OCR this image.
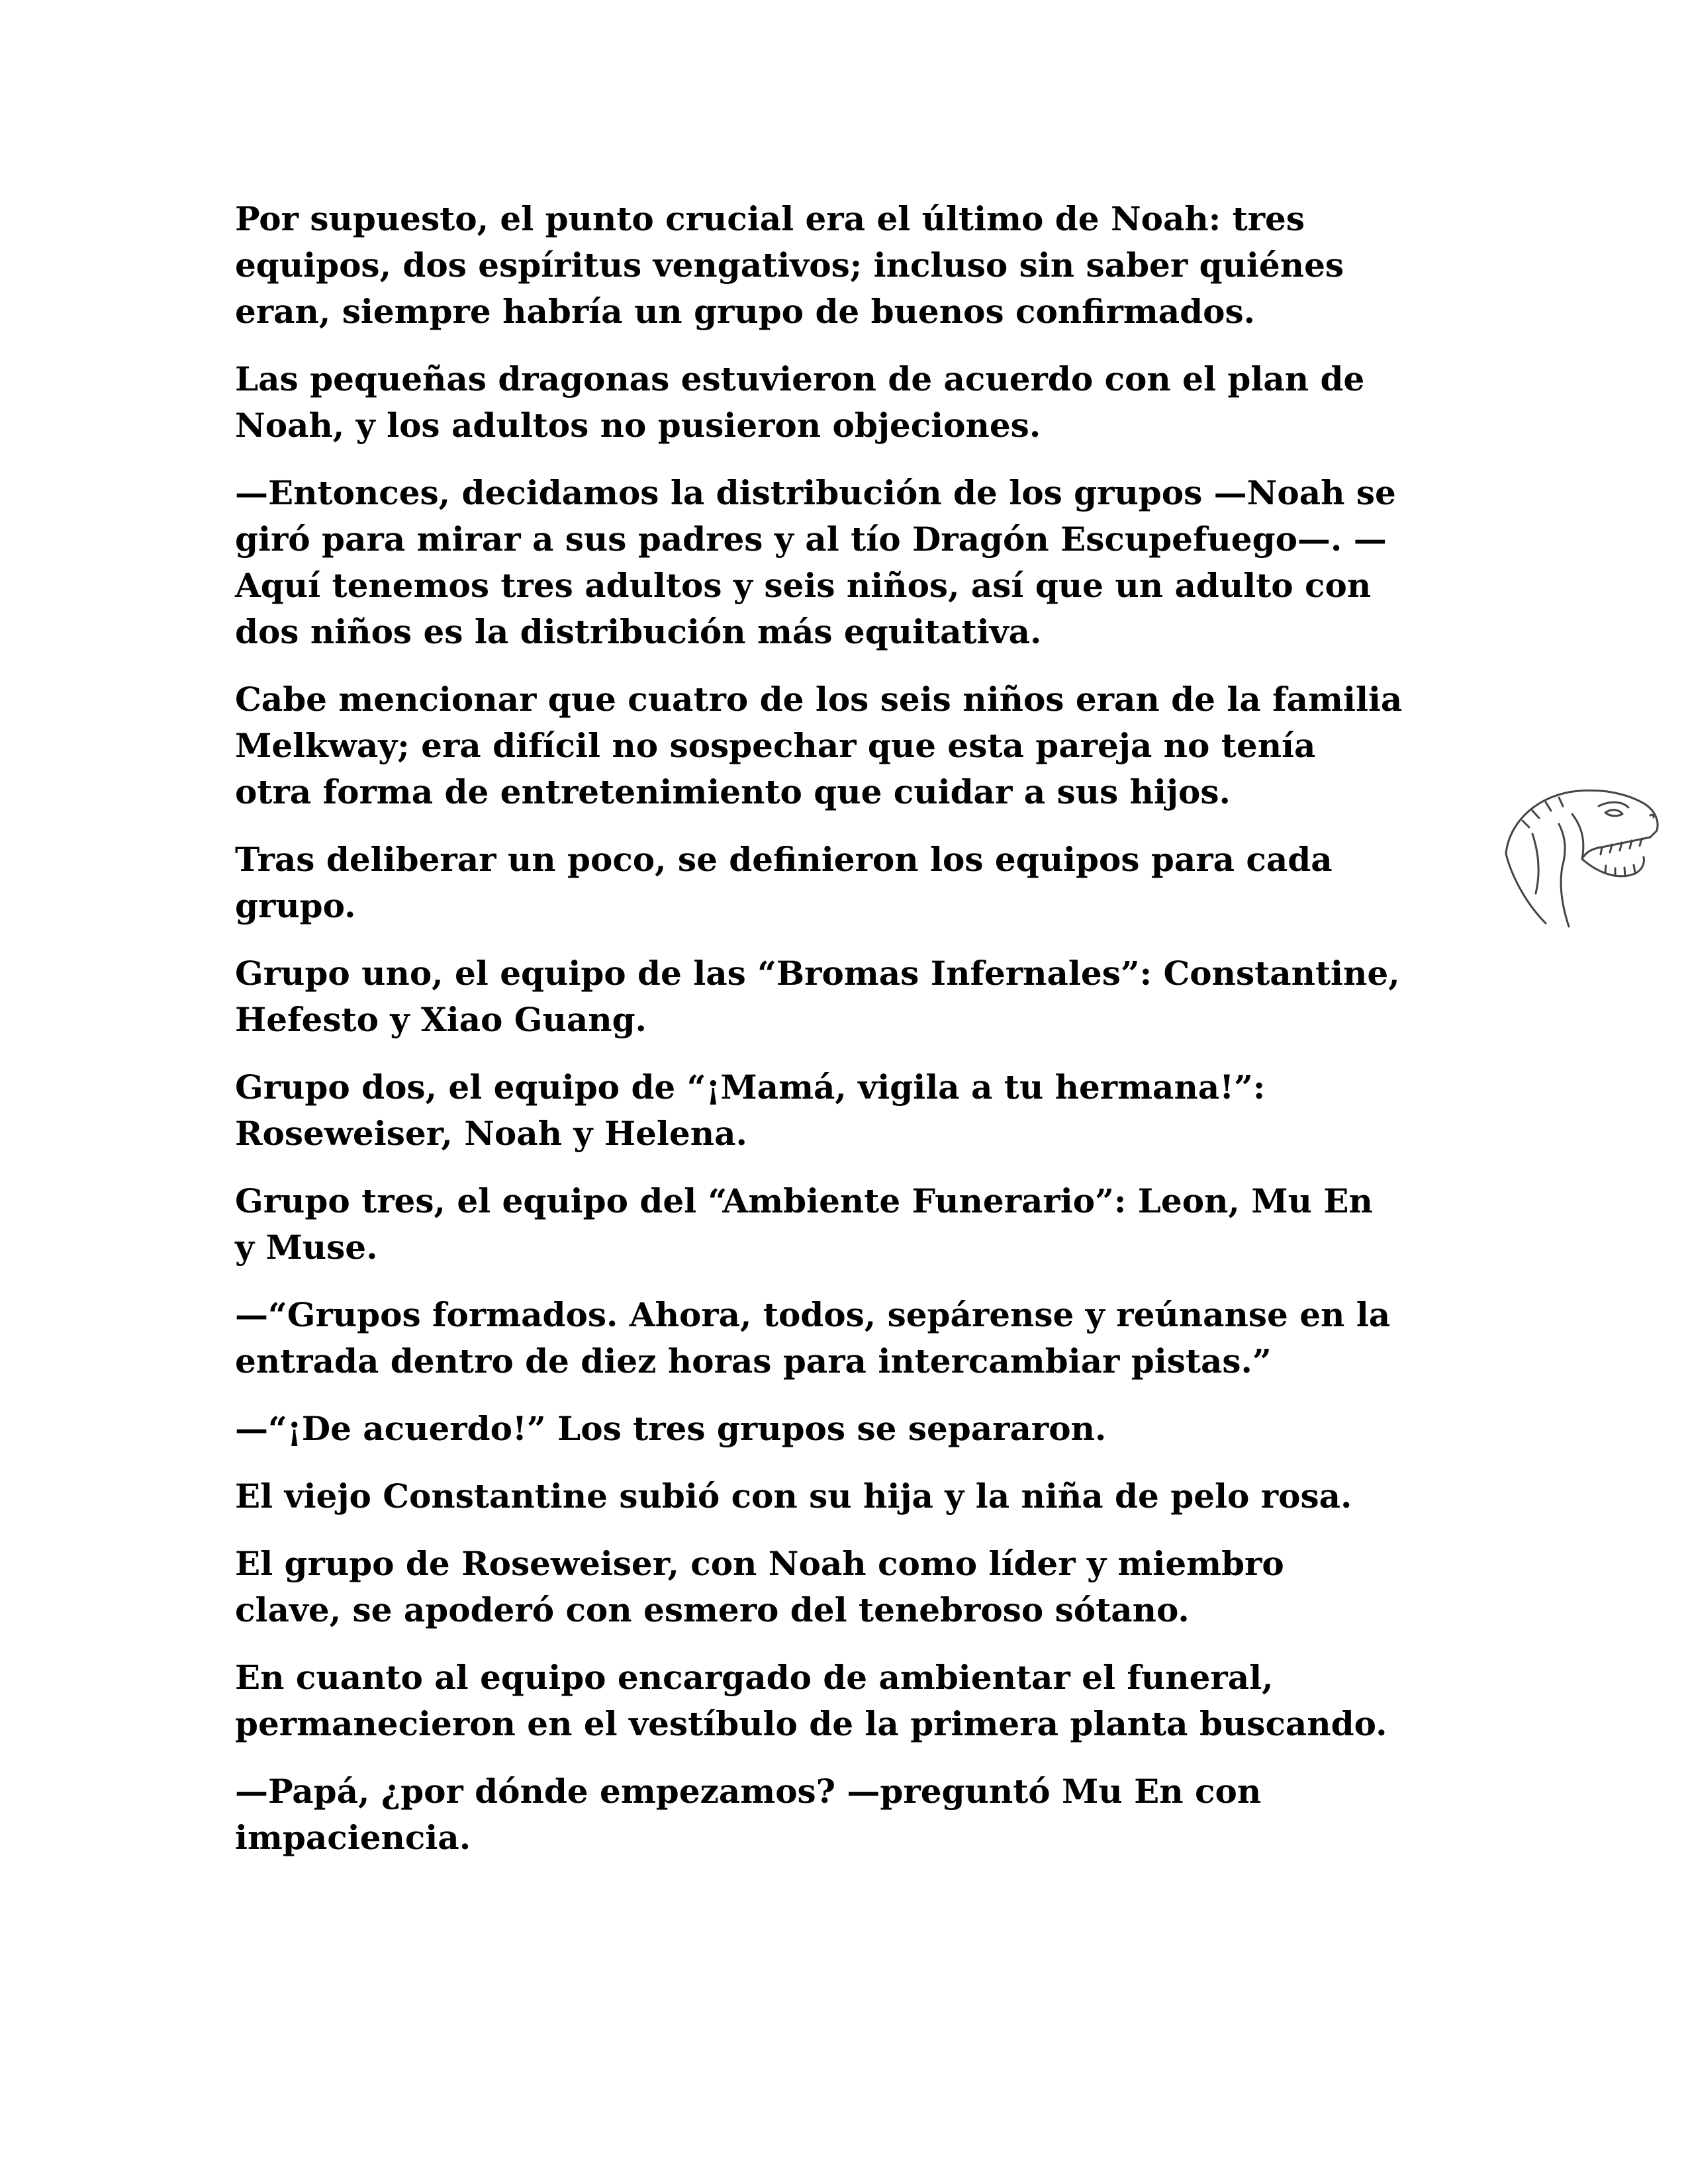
Por supuesto, el punto crucial era el último de Noah: tres
equipos, dos espíritus vengativos; incluso sin saber quiénes
eran, siempre habría un grupo de buenos confirmados.

Las pequeñas dragonas estuvieron de acuerdo con el plan de
Noah, y los adultos no pusieron objeciones.

—Entonces, decidamos la distribución de los grupos —Noah se
giró para mirar a sus padres y al tío Dragón Escupefuego—. —
Aquí tenemos tres adultos y seis niños, así que un adulto con
dos niños es la distribución más equitativa.

Cabe mencionar que cuatro de los seis niños eran de la familia
Melkway; era difícil no sospechar que esta pareja no tenía
otra forma de entretenimiento que cuidar a sus hijos.

Tras deliberar un poco, se definieron los equipos para cada
grupo.

Grupo uno, el equipo de las “Bromas Infernales”: Constantine,
Hefesto y Xiao Guang.

Grupo dos, el equipo de “¡Mamá, vigila a tu hermana!”:
Roseweiser, Noah y Helena.

Grupo tres, el equipo del “Ambiente Funerario”: Leon, Mu En
y Muse.

—“Grupos formados. Ahora, todos, sepárense y reúnanse en la
entrada dentro de diez horas para intercambiar pistas.”

—“¡De acuerdo!” Los tres grupos se separaron.

El viejo Constantine subió con su hija y la niña de pelo rosa.

El grupo de Roseweiser, con Noah como líder y miembro
clave, se apoderó con esmero del tenebroso sótano.

En cuanto al equipo encargado de ambientar el funeral,
permanecieron en el vestíbulo de la primera planta buscando.

—Papá, ¿por dónde empezamos? —preguntó Mu En con
impaciencia.
